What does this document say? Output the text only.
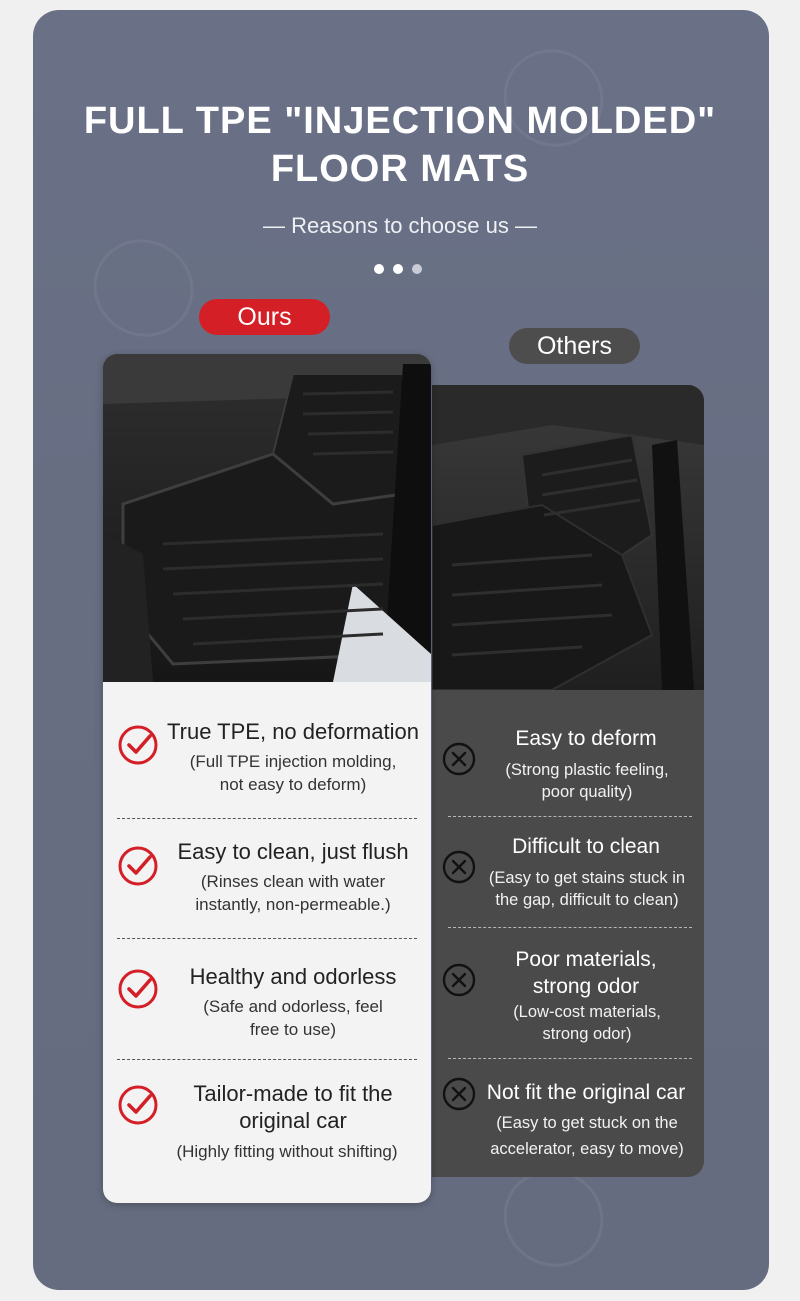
FULL TPE "INJECTION MOLDED"
FLOOR MATS
— Reasons to choose us —
Others
Easy to deform
(Strong plastic feeling,
poor quality)
Difficult to clean
(Easy to get stains stuck in
the gap, difficult to clean)
Poor materials,
strong odor
(Low-cost materials,
strong odor)
Not fit the original car
(Easy to get stuck on the
accelerator, easy to move)
Ours
True TPE, no deformation
(Full TPE injection molding,
not easy to deform)
Easy to clean, just flush
(Rinses clean with water
instantly, non-permeable.)
Healthy and odorless
(Safe and odorless, feel
free to use)
Tailor-made to fit the
original car
(Highly fitting without shifting)
